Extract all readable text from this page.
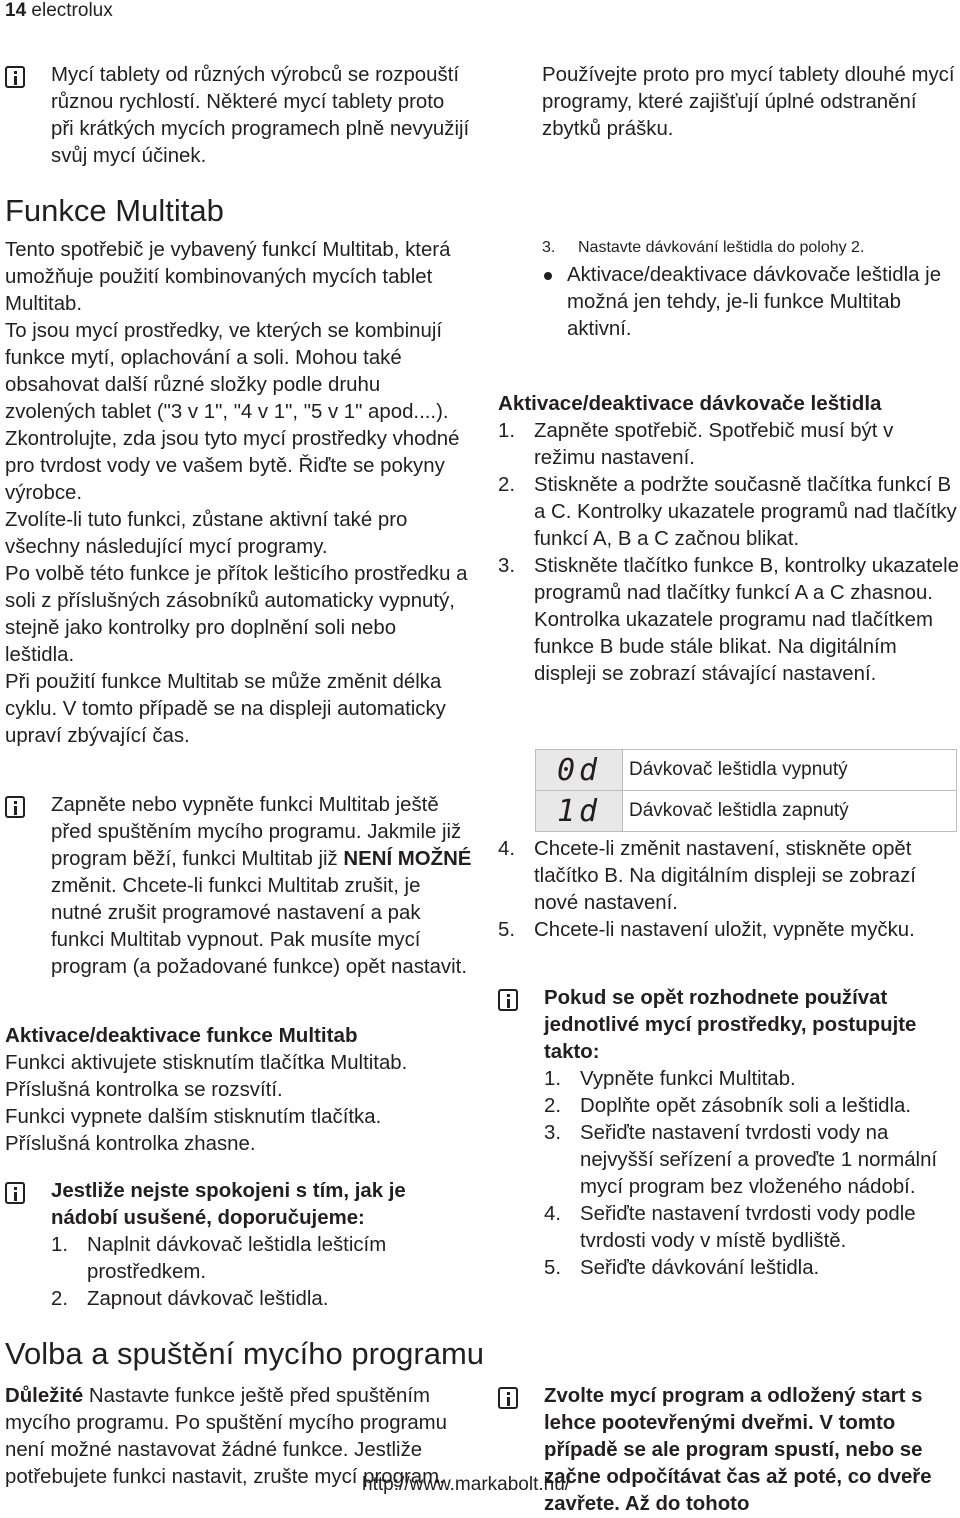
14 electrolux

Mycí tablety od různých výrobců se rozpouští různou rychlostí. Některé mycí tablety proto při krátkých mycích programech plně nevyužijí svůj mycí účinek.

Funkce Multitab

Tento spotřebič je vybavený funkcí Multitab, která umožňuje použití kombinovaných mycích tablet Multitab.

To jsou mycí prostředky, ve kterých se kombinují funkce mytí, oplachování a soli. Mohou také obsahovat další různé složky podle druhu zvolených tablet ("3 v 1", "4 v 1", "5 v 1" apod....).

Zkontrolujte, zda jsou tyto mycí prostředky vhodné pro tvrdost vody ve vašem bytě. Řiďte se pokyny výrobce.

Zvolíte-li tuto funkci, zůstane aktivní také pro všechny následující mycí programy.

Po volbě této funkce je přítok lešticího prostředku a soli z příslušných zásobníků automaticky vypnutý, stejně jako kontrolky pro doplnění soli nebo leštidla.

Při použití funkce Multitab se může změnit délka cyklu. V tomto případě se na displeji automaticky upraví zbývající čas.

Zapněte nebo vypněte funkci Multitab ještě před spuštěním mycího programu. Jakmile již program běží, funkci Multitab již NENÍ MOŽNÉ změnit. Chcete-li funkci Multitab zrušit, je nutné zrušit programové nastavení a pak funkci Multitab vypnout. Pak musíte mycí program (a požadované funkce) opět nastavit.

Aktivace/deaktivace funkce Multitab

Funkci aktivujete stisknutím tlačítka Multitab.

Příslušná kontrolka se rozsvítí.

Funkci vypnete dalším stisknutím tlačítka.

Příslušná kontrolka zhasne.

Jestliže nejste spokojeni s tím, jak je nádobí usušené, doporučujeme:

1. Naplnit dávkovač leštidla lešticím prostředkem.
2. Zapnout dávkovač leštidla.
Volba a spuštění mycího programu

Důležité Nastavte funkce ještě před spuštěním mycího programu. Po spuštění mycího programu není možné nastavovat žádné funkce. Jestliže potřebujete funkci nastavit, zrušte mycí program.

Používejte proto pro mycí tablety dlouhé mycí programy, které zajišťují úplné odstranění zbytků prášku.

3. Nastavte dávkování leštidla do polohy 2.
Aktivace/deaktivace dávkovače leštidla je možná jen tehdy, je-li funkce Multitab aktivní.

Aktivace/deaktivace dávkovače leštidla

1. Zapněte spotřebič. Spotřebič musí být v režimu nastavení.
2. Stiskněte a podržte současně tlačítka funkcí B a C. Kontrolky ukazatele programů nad tlačítky funkcí A, B a C začnou blikat.
3. Stiskněte tlačítko funkce B, kontrolky ukazatele programů nad tlačítky funkcí A a C zhasnou. Kontrolka ukazatele programu nad tlačítkem funkce B bude stále blikat. Na digitálním displeji se zobrazí stávající nastavení.
0d	Dávkovač leštidla vypnutý
1d	Dávkovač leštidla zapnutý
4. Chcete-li změnit nastavení, stiskněte opět tlačítko B. Na digitálním displeji se zobrazí nové nastavení.
5. Chcete-li nastavení uložit, vypněte myčku.

Pokud se opět rozhodnete používat jednotlivé mycí prostředky, postupujte takto:

1. Vypněte funkci Multitab.
2. Doplňte opět zásobník soli a leštidla.
3. Seřiďte nastavení tvrdosti vody na nejvyšší seřízení a proveďte 1 normální mycí program bez vloženého nádobí.
4. Seřiďte nastavení tvrdosti vody podle tvrdosti vody v místě bydliště.
5. Seřiďte dávkování leštidla.

Zvolte mycí program a odložený start s lehce pootevřenými dveřmi. V tomto případě se ale program spustí, nebo se začne odpočítávat čas až poté, co dveře zavřete. Až do tohoto

http://www.markabolt.hu/
